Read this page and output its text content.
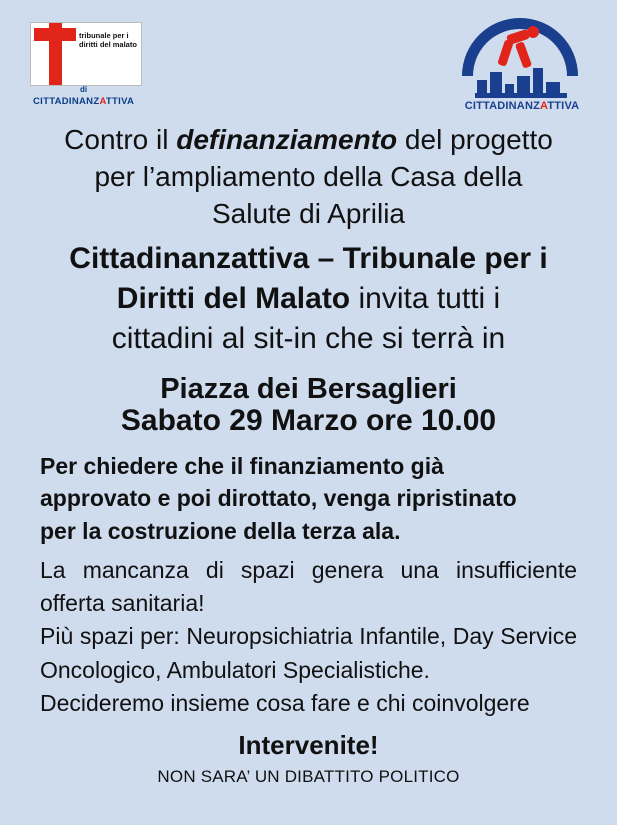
tribunale per i
diritti del malato
di
CITTADINANZATTIVA	CITTADINANZATTIVA
Contro il definanziamento del progetto
per l’ampliamento della Casa della
Salute di Aprilia
Cittadinanzattiva – Tribunale per i
Diritti del Malato invita tutti i
cittadini al sit-in che si terrà in
Piazza dei Bersaglieri
Sabato 29 Marzo ore 10.00

Per chiedere che il finanziamento già

approvato e poi dirottato, venga ripristinato

per la costruzione della terza ala.

La mancanza di spazi genera una insufficiente offerta sanitaria!

Più spazi per: Neuropsichiatria Infantile, Day Service Oncologico, Ambulatori Specialistiche.

Decideremo insieme cosa fare e chi coinvolgere

Intervenite!
NON SARA’ UN DIBATTITO POLITICO
